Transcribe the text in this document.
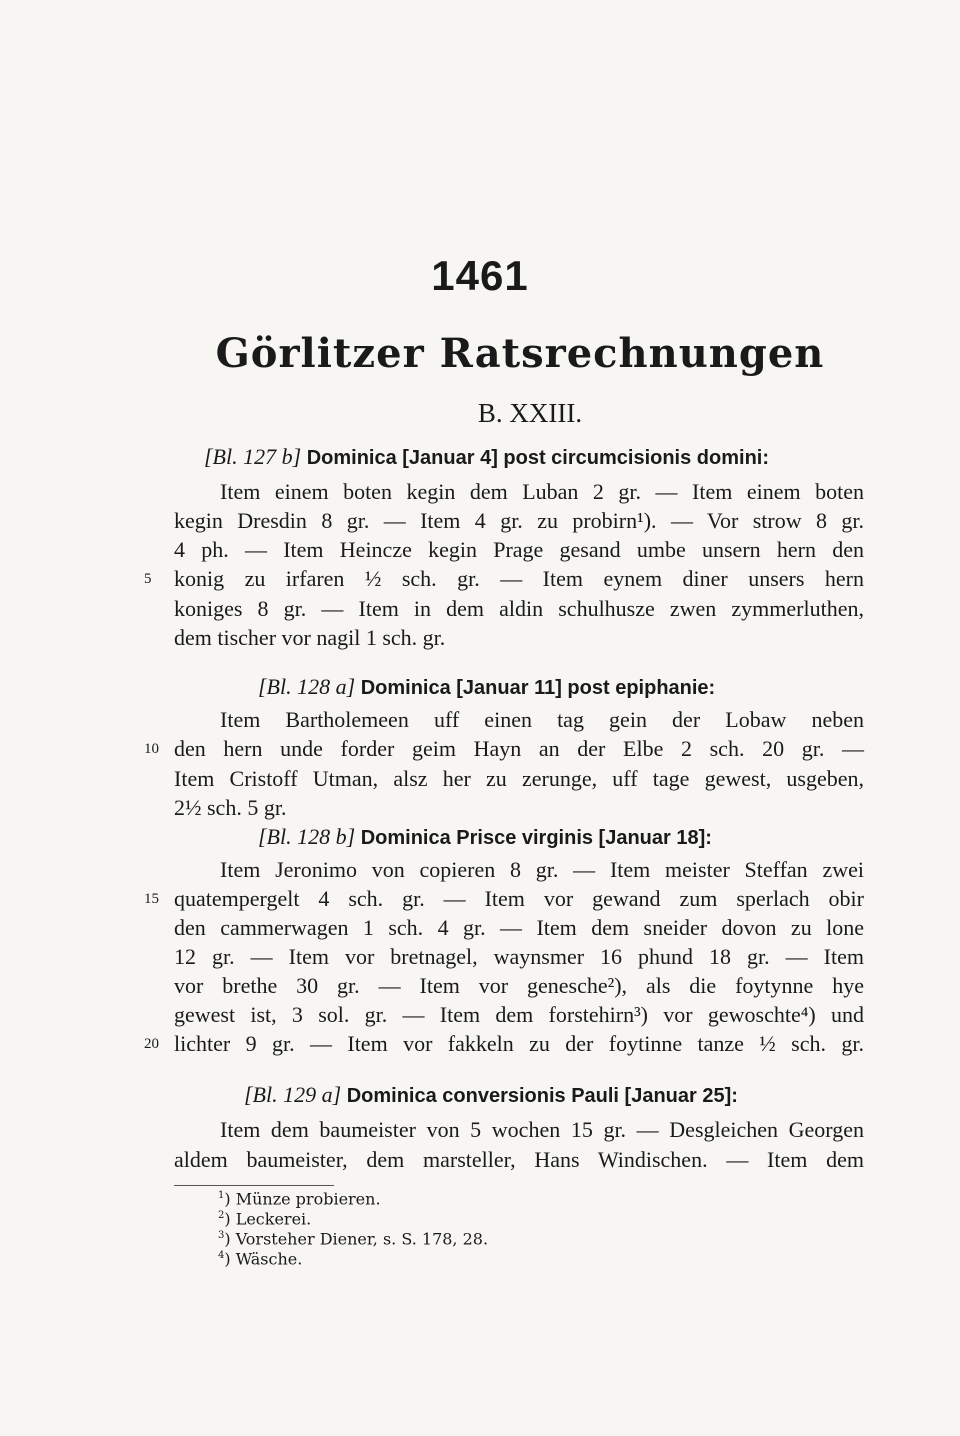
1461
Görlitzer Ratsrechnungen
B. XXIII.
[Bl. 127 b] Dominica [Januar 4] post circumcisionis domini:
Item einem boten kegin dem Luban 2 gr. — Item einem boten
kegin Dresdin 8 gr. — Item 4 gr. zu probirn¹). — Vor strow 8 gr.
4 ph. — Item Heincze kegin Prage gesand umbe unsern hern den
5 konig zu irfaren ½ sch. gr. — Item eynem diner unsers hern
koniges 8 gr. — Item in dem aldin schulhusze zwen zymmerluthen,
dem tischer vor nagil 1 sch. gr.
[Bl. 128 a] Dominica [Januar 11] post epiphanie:
Item Bartholemeen uff einen tag gein der Lobaw neben
10 den hern unde forder geim Hayn an der Elbe 2 sch. 20 gr. —
Item Cristoff Utman, alsz her zu zerunge, uff tage gewest, usgeben,
2½ sch. 5 gr.
[Bl. 128 b] Dominica Prisce virginis [Januar 18]:
Item Jeronimo von copieren 8 gr. — Item meister Steffan zwei
15 quatempergelt 4 sch. gr. — Item vor gewand zum sperlach obir
den cammerwagen 1 sch. 4 gr. — Item dem sneider dovon zu lone
12 gr. — Item vor bretnagel, waynsmer 16 phund 18 gr. — Item
vor brethe 30 gr. — Item vor genesche²), als die foytynne hye
gewest ist, 3 sol. gr. — Item dem forstehirn³) vor gewoschte⁴) und
20 lichter 9 gr. — Item vor fakkeln zu der foytinne tanze ½ sch. gr.
[Bl. 129 a] Dominica conversionis Pauli [Januar 25]:
Item dem baumeister von 5 wochen 15 gr. — Desgleichen Georgen
aldem baumeister, dem marsteller, Hans Windischen. — Item dem
$^1$) Münze probieren.
$^2$) Leckerei.
$^3$) Vorsteher Diener, s. S. 178, 28.
$^4$) Wäsche.
